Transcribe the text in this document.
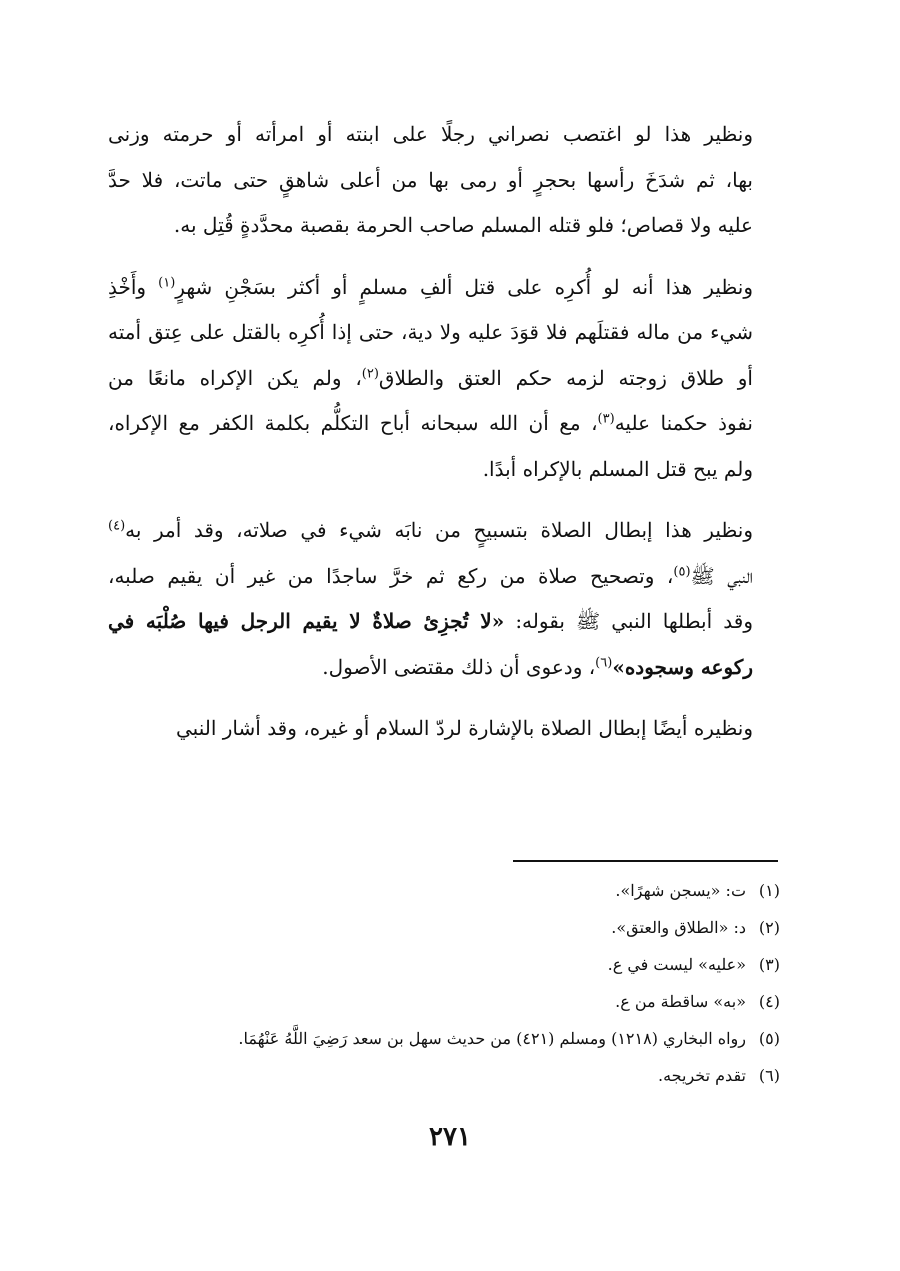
ونظير هذا لو اغتصب نصراني رجلًا على ابنته أو امرأته أو حرمته وزنى
بها، ثم شدَخَ رأسها بحجرٍ أو رمى بها من أعلى شاهقٍ حتى ماتت، فلا حدَّ
عليه ولا قصاص؛ فلو قتله المسلم صاحب الحرمة بقصبة محدَّدةٍ قُتِل به.

ونظير هذا أنه لو أُكرِه على قتل ألفِ مسلمٍ أو أكثر بسَجْنِ شهرٍ$^{(١)}$ وأَخْذِ
شيء من ماله فقتلَهم فلا قوَدَ عليه ولا دية، حتى إذا أُكرِه بالقتل على عِتق أمته
أو طلاق زوجته لزمه حكم العتق والطلاق$^{(٢)}$، ولم يكن الإكراه مانعًا من
نفوذ حكمنا عليه$^{(٣)}$، مع أن الله سبحانه أباح التكلُّم بكلمة الكفر مع الإكراه،
ولم يبح قتل المسلم بالإكراه أبدًا.

ونظير هذا إبطال الصلاة بتسبيحٍ من نابَه شيء في صلاته، وقد أمر به$^{(٤)}$
النبي ﷺ$^{(٥)}$، وتصحيح صلاة من ركع ثم خرَّ ساجدًا من غير أن يقيم صلبه،
وقد أبطلها النبي ﷺ بقوله: «لا تُجزِئ صلاةٌ لا يقيم الرجل فيها صُلْبَه في
ركوعه وسجوده»$^{(٦)}$، ودعوى أن ذلك مقتضى الأصول.

ونظيره أيضًا إبطال الصلاة بالإشارة لردّ السلام أو غيره، وقد أشار النبي

(١)ت: «يسجن شهرًا».
(٢)د: «الطلاق والعتق».
(٣)«عليه» ليست في ع.
(٤)«به» ساقطة من ع.
(٥)رواه البخاري (١٢١٨) ومسلم (٤٢١) من حديث سهل بن سعد رَضِيَ اللَّهُ عَنْهُمَا.
(٦)تقدم تخريجه.
٢٧١
